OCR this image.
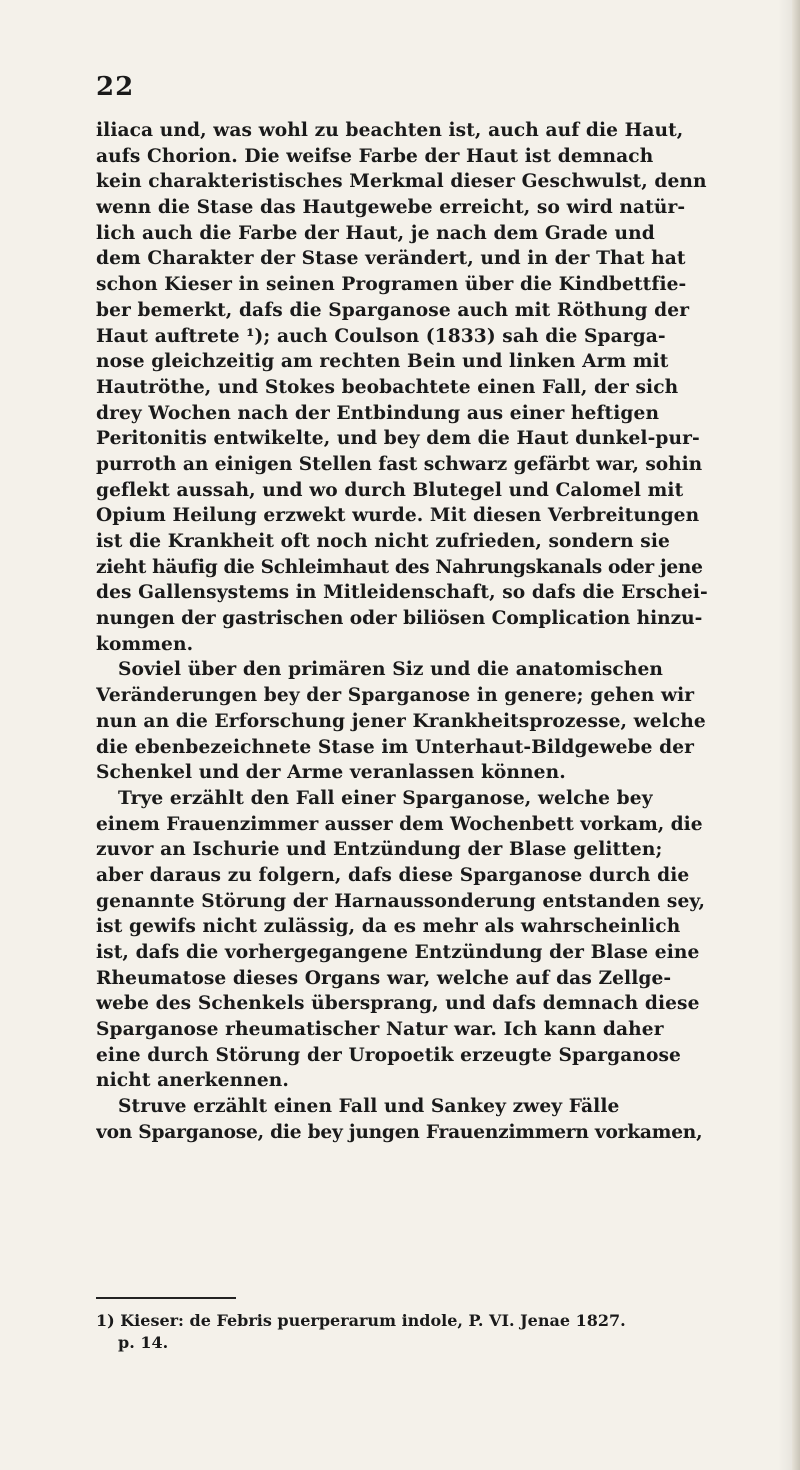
22
iliaca und, was wohl zu beachten ist, auch auf die Haut,
aufs Chorion. Die weifse Farbe der Haut ist demnach
kein charakteristisches Merkmal dieser Geschwulst, denn
wenn die Stase das Hautgewebe erreicht, so wird natür-
lich auch die Farbe der Haut, je nach dem Grade und
dem Charakter der Stase verändert, und in der That hat
schon Kieser in seinen Programen über die Kindbettfie-
ber bemerkt, dafs die Sparganose auch mit Röthung der
Haut auftrete ¹); auch Coulson (1833) sah die Sparga-
nose gleichzeitig am rechten Bein und linken Arm mit
Hautröthe, und Stokes beobachtete einen Fall, der sich
drey Wochen nach der Entbindung aus einer heftigen
Peritonitis entwikelte, und bey dem die Haut dunkel-pur-
purroth an einigen Stellen fast schwarz gefärbt war, sohin
geflekt aussah, und wo durch Blutegel und Calomel mit
Opium Heilung erzwekt wurde. Mit diesen Verbreitungen
ist die Krankheit oft noch nicht zufrieden, sondern sie
zieht häufig die Schleimhaut des Nahrungskanals oder jene
des Gallensystems in Mitleidenschaft, so dafs die Erschei-
nungen der gastrischen oder biliösen Complication hinzu-
kommen.
Soviel über den primären Siz und die anatomischen
Veränderungen bey der Sparganose in genere; gehen wir
nun an die Erforschung jener Krankheitsprozesse, welche
die ebenbezeichnete Stase im Unterhaut-Bildgewebe der
Schenkel und der Arme veranlassen können.
Trye erzählt den Fall einer Sparganose, welche bey
einem Frauenzimmer ausser dem Wochenbett vorkam, die
zuvor an Ischurie und Entzündung der Blase gelitten;
aber daraus zu folgern, dafs diese Sparganose durch die
genannte Störung der Harnaussonderung entstanden sey,
ist gewifs nicht zulässig, da es mehr als wahrscheinlich
ist, dafs die vorhergegangene Entzündung der Blase eine
Rheumatose dieses Organs war, welche auf das Zellge-
webe des Schenkels übersprang, und dafs demnach diese
Sparganose rheumatischer Natur war. Ich kann daher
eine durch Störung der Uropoetik erzeugte Sparganose
nicht anerkennen.
Struve erzählt einen Fall und Sankey zwey Fälle
von Sparganose, die bey jungen Frauenzimmern vorkamen,
1) Kieser: de Febris puerperarum indole, P. VI. Jenae 1827.
p. 14.
